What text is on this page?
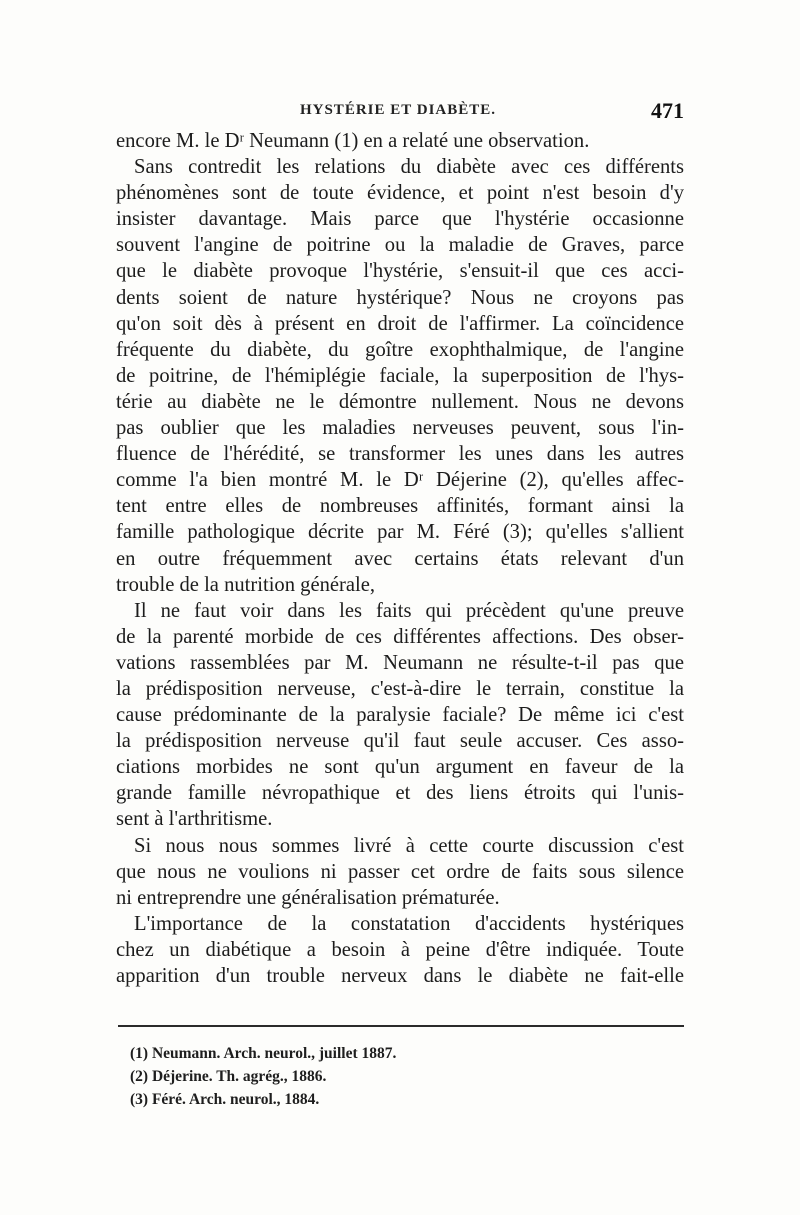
HYSTÉRIE ET DIABÈTE.	471
encore M. le Dʳ Neumann (1) en a relaté une observation.
Sans contredit les relations du diabète avec ces différents
phénomènes sont de toute évidence, et point n'est besoin d'y
insister davantage. Mais parce que l'hystérie occasionne
souvent l'angine de poitrine ou la maladie de Graves, parce
que le diabète provoque l'hystérie, s'ensuit-il que ces acci-
dents soient de nature hystérique? Nous ne croyons pas
qu'on soit dès à présent en droit de l'affirmer. La coïncidence
fréquente du diabète, du goître exophthalmique, de l'angine
de poitrine, de l'hémiplégie faciale, la superposition de l'hys-
térie au diabète ne le démontre nullement. Nous ne devons
pas oublier que les maladies nerveuses peuvent, sous l'in-
fluence de l'hérédité, se transformer les unes dans les autres
comme l'a bien montré M. le Dʳ Déjerine (2), qu'elles affec-
tent entre elles de nombreuses affinités, formant ainsi la
famille pathologique décrite par M. Féré (3); qu'elles s'allient
en outre fréquemment avec certains états relevant d'un
trouble de la nutrition générale,
Il ne faut voir dans les faits qui précèdent qu'une preuve
de la parenté morbide de ces différentes affections. Des obser-
vations rassemblées par M. Neumann ne résulte-t-il pas que
la prédisposition nerveuse, c'est-à-dire le terrain, constitue la
cause prédominante de la paralysie faciale? De même ici c'est
la prédisposition nerveuse qu'il faut seule accuser. Ces asso-
ciations morbides ne sont qu'un argument en faveur de la
grande famille névropathique et des liens étroits qui l'unis-
sent à l'arthritisme.
Si nous nous sommes livré à cette courte discussion c'est
que nous ne voulions ni passer cet ordre de faits sous silence
ni entreprendre une généralisation prématurée.
L'importance de la constatation d'accidents hystériques
chez un diabétique a besoin à peine d'être indiquée. Toute
apparition d'un trouble nerveux dans le diabète ne fait-elle
(1) Neumann. Arch. neurol., juillet 1887.
(2) Déjerine. Th. agrég., 1886.
(3) Féré. Arch. neurol., 1884.
